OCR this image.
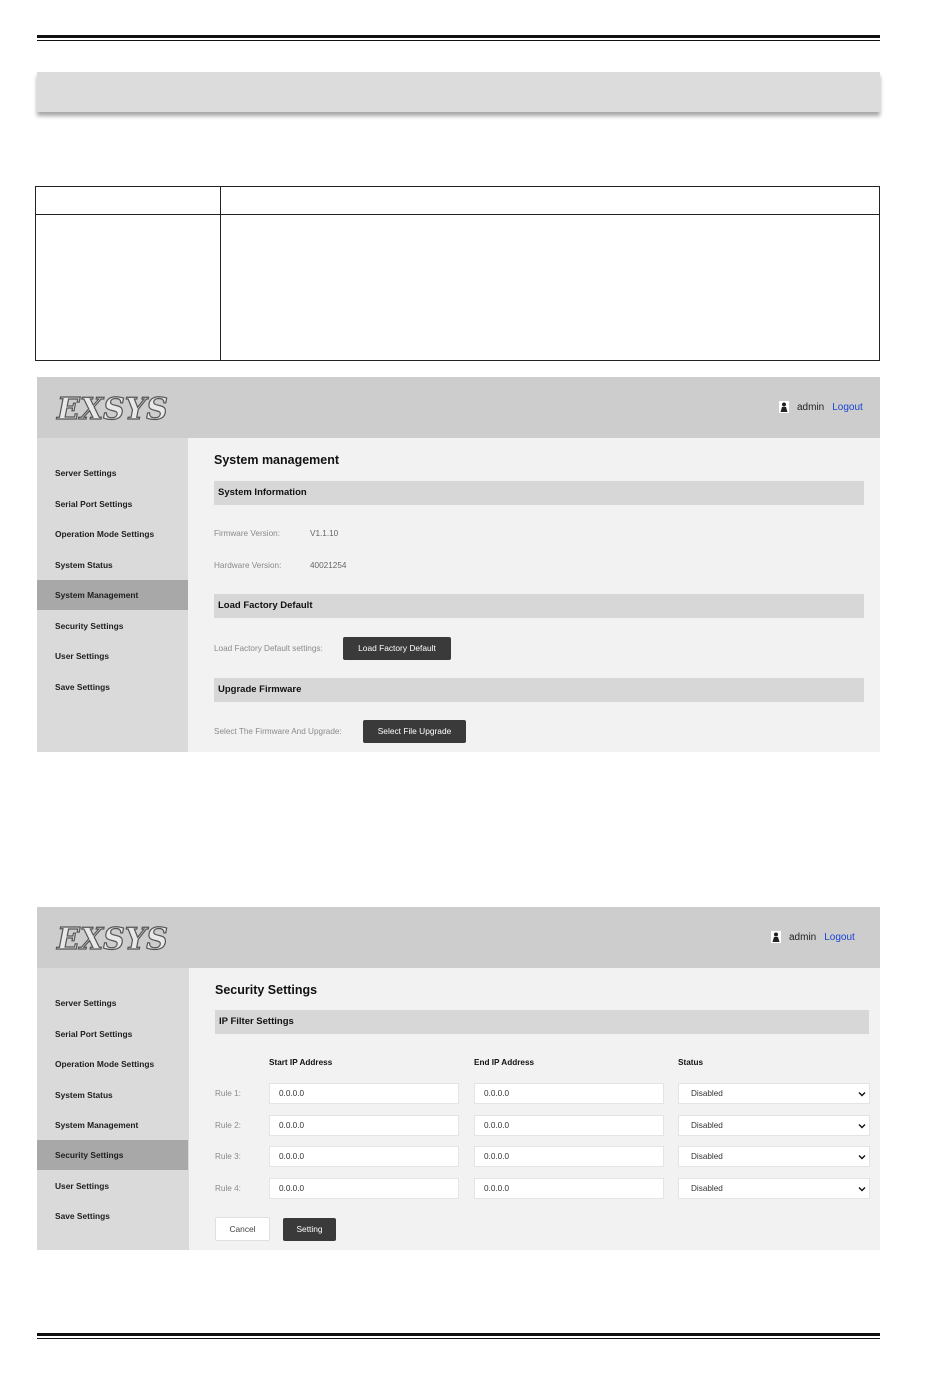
EXSYS	admin Logout
Server Settings
Serial Port Settings
Operation Mode Settings
System Status
System Management
Security Settings
User Settings
Save Settings
System management
System Information
Firmware Version:	V1.1.10
Hardware Version:	40021254
Load Factory Default
Load Factory Default settings:	Load Factory Default
Upgrade Firmware
Select The Firmware And Upgrade:	Select File Upgrade
EXSYS	admin Logout
Server Settings
Serial Port Settings
Operation Mode Settings
System Status
System Management
Security Settings
User Settings
Save Settings
Security Settings
IP Filter Settings
Start IP Address	End IP Address	Status
Rule 1:	0.0.0.0	0.0.0.0	Disabled
Rule 2:	0.0.0.0	0.0.0.0	Disabled
Rule 3:	0.0.0.0	0.0.0.0	Disabled
Rule 4:	0.0.0.0	0.0.0.0	Disabled
Cancel	Setting
